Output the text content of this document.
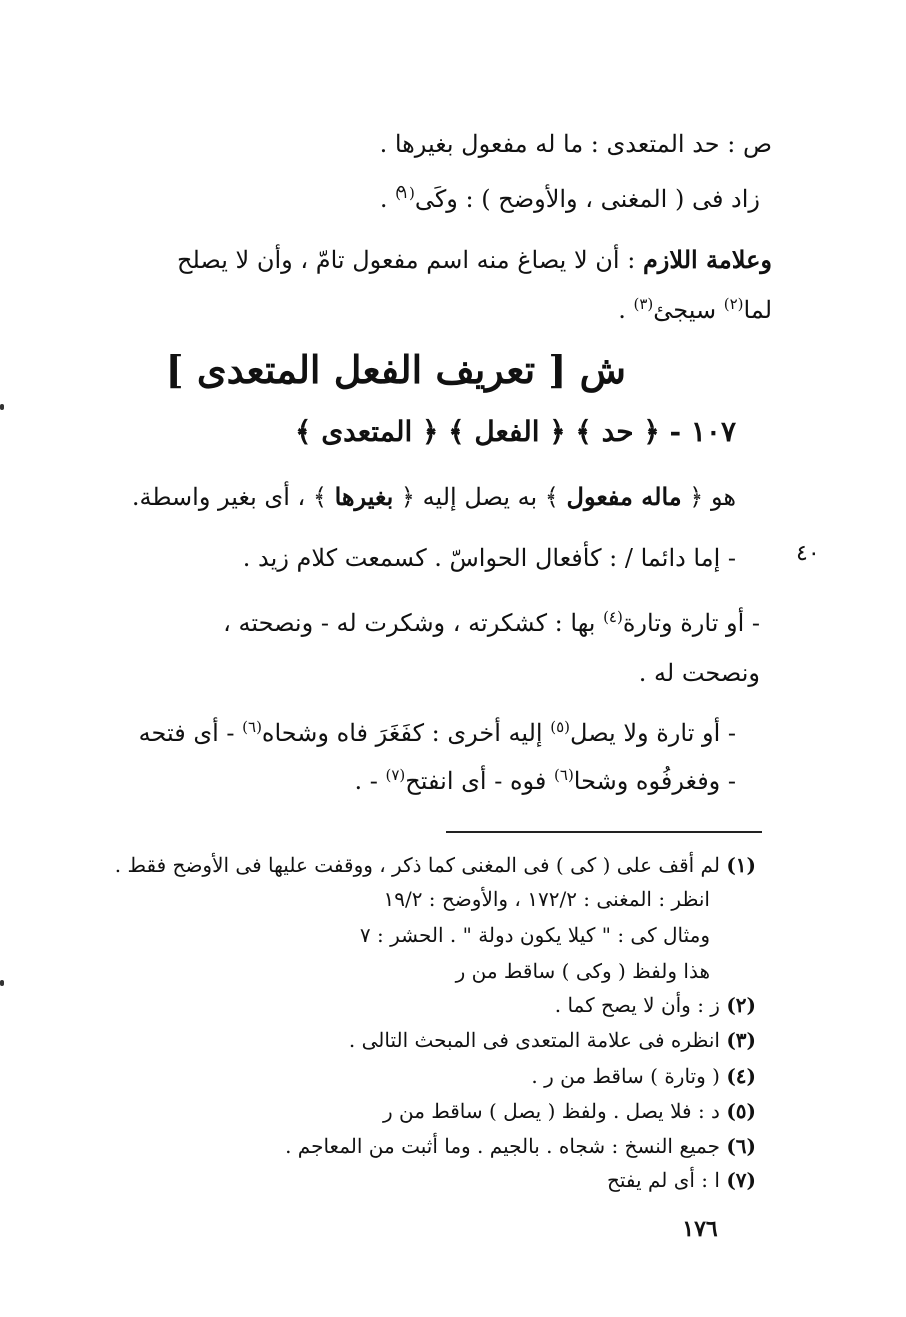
ص : حد المتعدى : ما له مفعول بغيرها .
زاد فى ( المغنى ، والأوضح ) : وكَى$^{(١)}$ْ .
وعلامة اللازم : أن لا يصاغ منه اسم مفعول تامّ ، وأن لا يصلح
لما$^{(٢)}$ سيجئ$^{(٣)}$ .
ش [ تعريف الفعل المتعدى ]
١٠٧ - ﴿ حد ﴾ ﴿ الفعل ﴾ ﴿ المتعدى ﴾
هو ﴿ ماله مفعول ﴾ به يصل إليه ﴿ بغيرها ﴾ ، أى بغير واسطة.
- إما دائما / : كأفعال الحواسّ . كسمعت كلام زيد .	٤٠
- أو تارة وتارة$^{(٤)}$ بها : كشكرته ، وشكرت له - ونصحته ،
ونصحت له .
- أو تارة ولا يصل$^{(٥)}$ إليه أخرى : كفَغَرَ فاه وشحاه$^{(٦)}$ - أى فتحه
- وفغرفُوه وشحا$^{(٦)}$ فوه - أى انفتح$^{(٧)}$ - .
(١) لم أقف على ( كى ) فى المغنى كما ذكر ، ووقفت عليها فى الأوضح فقط .
انظر : المغنى : ١٧٢/٢ ، والأوضح : ١٩/٢
ومثال كى : " كيلا يكون دولة " . الحشر : ٧
هذا ولفظ ( وكى ) ساقط من ر
(٢) ز : وأن لا يصح كما .
(٣) انظره فى علامة المتعدى فى المبحث التالى .
(٤) ( وتارة ) ساقط من ر .
(٥) د : فلا يصل . ولفظ ( يصل ) ساقط من ر
(٦) جميع النسخ : شجاه . بالجيم . وما أثبت من المعاجم .
(٧) ا : أى لم يفتح
١٧٦
